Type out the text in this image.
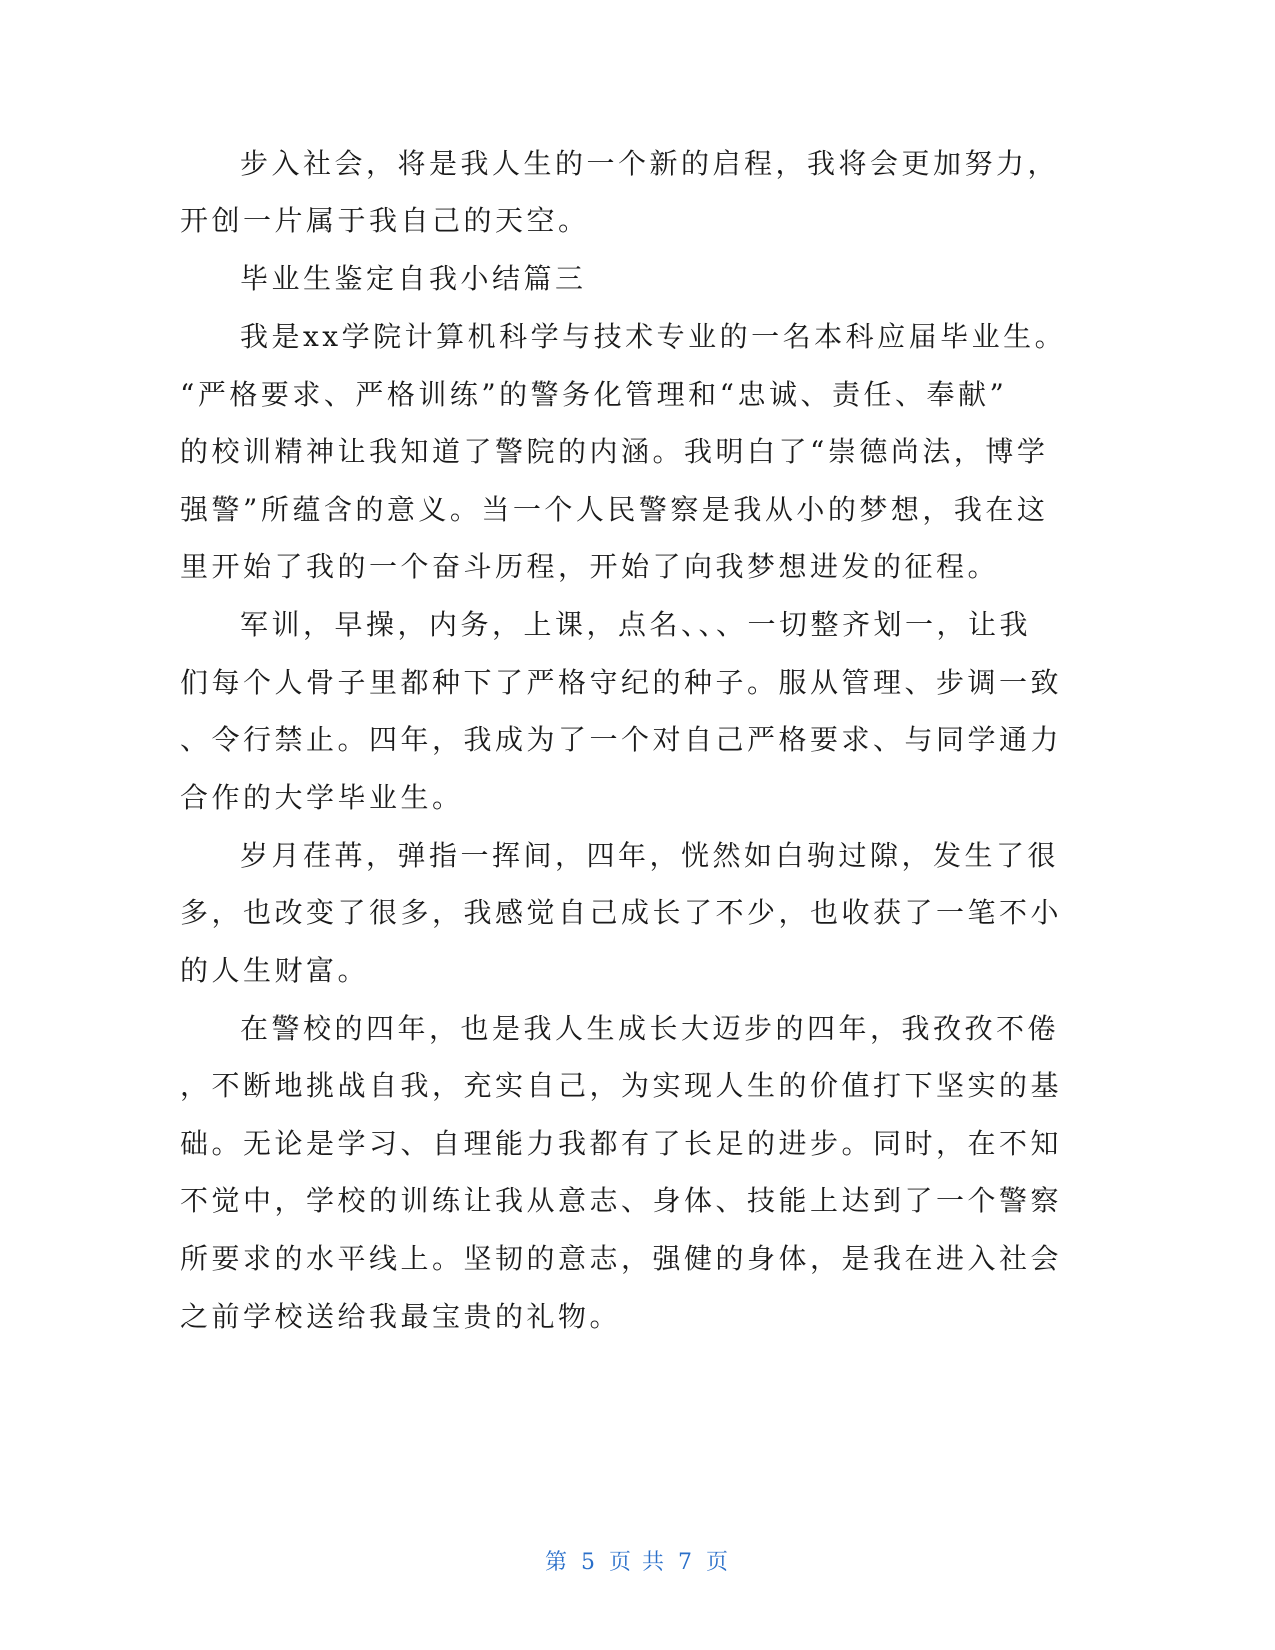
步入社会，将是我人生的一个新的启程，我将会更加努力，
开创一片属于我自己的天空。
毕业生鉴定自我小结篇三
我是xx学院计算机科学与技术专业的一名本科应届毕业生。
“严格要求、严格训练”的警务化管理和“忠诚、责任、奉献”
的校训精神让我知道了警院的内涵。我明白了“崇德尚法，博学
强警”所蕴含的意义。当一个人民警察是我从小的梦想，我在这
里开始了我的一个奋斗历程，开始了向我梦想进发的征程。
军训，早操，内务，上课，点名、、、一切整齐划一，让我
们每个人骨子里都种下了严格守纪的种子。服从管理、步调一致
、令行禁止。四年，我成为了一个对自己严格要求、与同学通力
合作的大学毕业生。
岁月荏苒，弹指一挥间，四年，恍然如白驹过隙，发生了很
多，也改变了很多，我感觉自己成长了不少，也收获了一笔不小
的人生财富。
在警校的四年，也是我人生成长大迈步的四年，我孜孜不倦
，不断地挑战自我，充实自己，为实现人生的价值打下坚实的基
础。无论是学习、自理能力我都有了长足的进步。同时，在不知
不觉中，学校的训练让我从意志、身体、技能上达到了一个警察
所要求的水平线上。坚韧的意志，强健的身体，是我在进入社会
之前学校送给我最宝贵的礼物。
第 5 页 共 7 页
